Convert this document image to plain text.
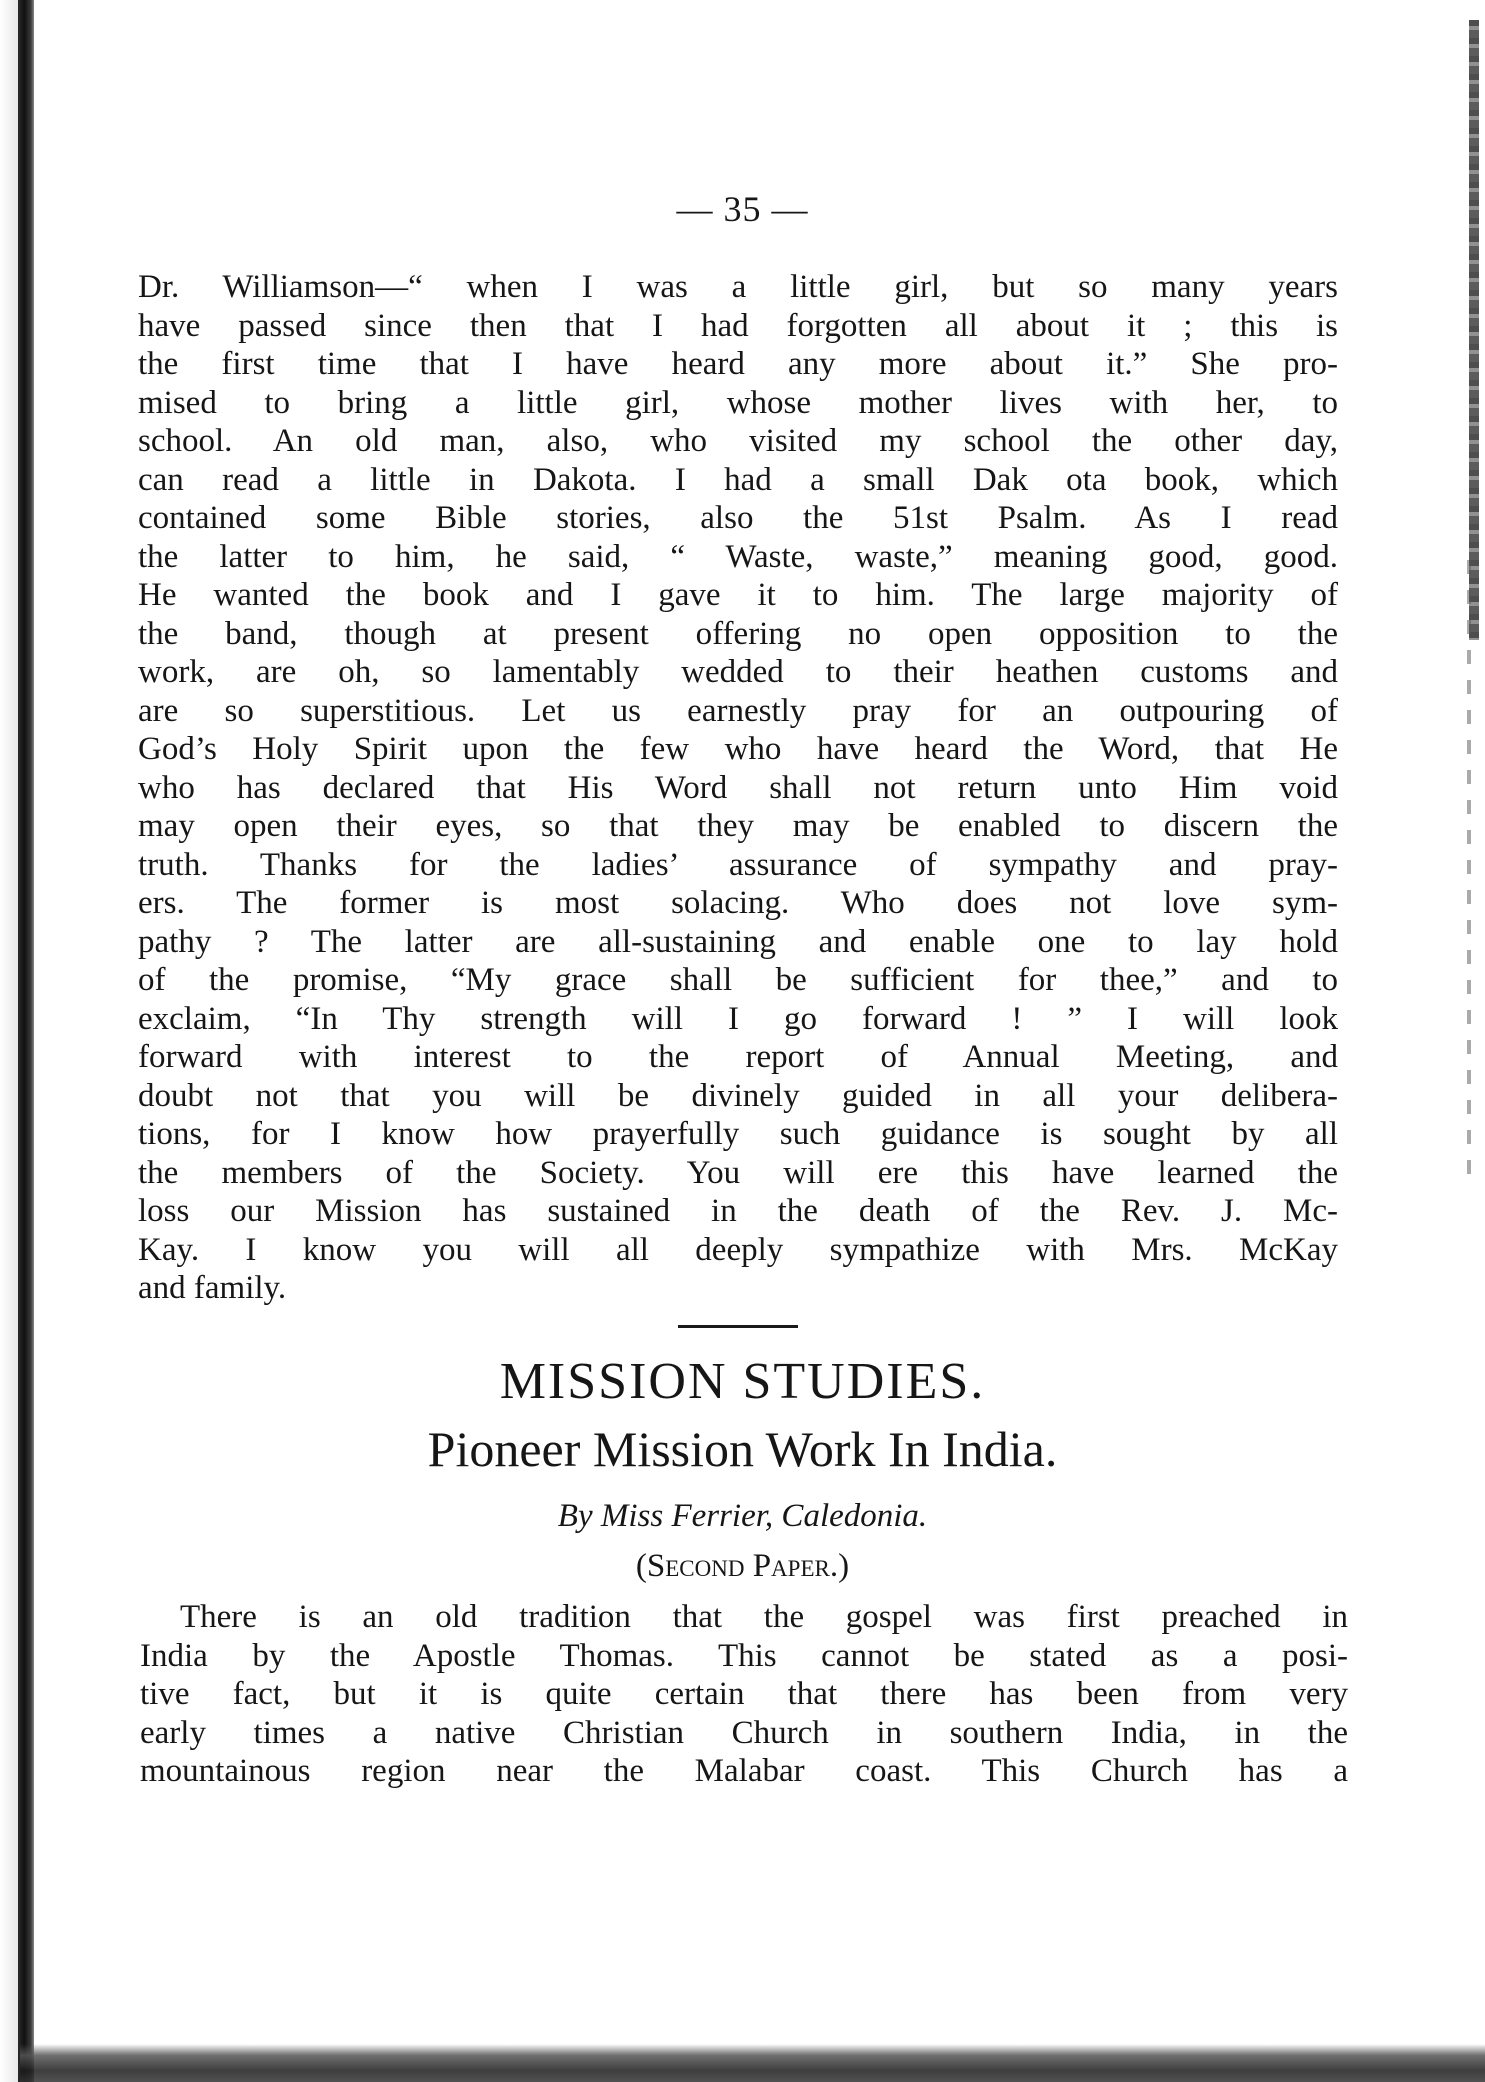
— 35 —
Dr. Williamson—“ when I was a little girl, but so many years
have passed since then that I had forgotten all about it ; this is
the first time that I have heard any more about it.” She pro-
mised to bring a little girl, whose mother lives with her, to
school. An old man, also, who visited my school the other day,
can read a little in Dakota. I had a small Dak ota book, which
contained some Bible stories, also the 51st Psalm. As I read
the latter to him, he said, “ Waste, waste,” meaning good, good.
He wanted the book and I gave it to him. The large majority of
the band, though at present offering no open opposition to the
work, are oh, so lamentably wedded to their heathen customs and
are so superstitious. Let us earnestly pray for an outpouring of
God’s Holy Spirit upon the few who have heard the Word, that He
who has declared that His Word shall not return unto Him void
may open their eyes, so that they may be enabled to discern the
truth. Thanks for the ladies’ assurance of sympathy and pray-
ers. The former is most solacing. Who does not love sym-
pathy ? The latter are all-sustaining and enable one to lay hold
of the promise, “My grace shall be sufficient for thee,” and to
exclaim, “In Thy strength will I go forward ! ” I will look
forward with interest to the report of Annual Meeting, and
doubt not that you will be divinely guided in all your delibera-
tions, for I know how prayerfully such guidance is sought by all
the members of the Society. You will ere this have learned the
loss our Mission has sustained in the death of the Rev. J. Mc-
Kay. I know you will all deeply sympathize with Mrs. McKay
and family.
MISSION STUDIES.
Pioneer Mission Work In India.
By Miss Ferrier, Caledonia.
(Second Paper.)
There is an old tradition that the gospel was first preached in
India by the Apostle Thomas. This cannot be stated as a posi-
tive fact, but it is quite certain that there has been from very
early times a native Christian Church in southern India, in the
mountainous region near the Malabar coast. This Church has a
